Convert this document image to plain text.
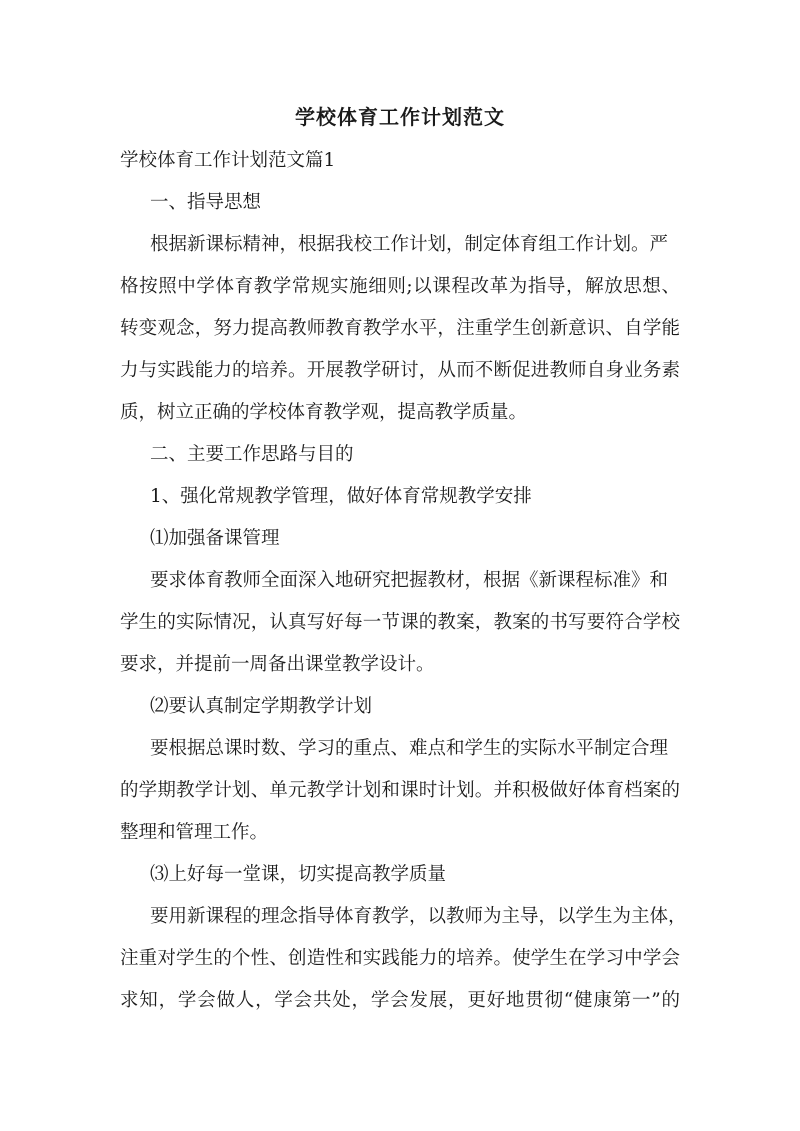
学校体育工作计划范文
学校体育工作计划范文篇1
一、指导思想
根据新课标精神，根据我校工作计划，制定体育组工作计划。严
格按照中学体育教学常规实施细则;以课程改革为指导，解放思想、
转变观念，努力提高教师教育教学水平，注重学生创新意识、自学能
力与实践能力的培养。开展教学研讨，从而不断促进教师自身业务素
质，树立正确的学校体育教学观，提高教学质量。
二、主要工作思路与目的
1、强化常规教学管理，做好体育常规教学安排
⑴加强备课管理
要求体育教师全面深入地研究把握教材，根据《新课程标准》和
学生的实际情况，认真写好每一节课的教案，教案的书写要符合学校
要求，并提前一周备出课堂教学设计。
⑵要认真制定学期教学计划
要根据总课时数、学习的重点、难点和学生的实际水平制定合理
的学期教学计划、单元教学计划和课时计划。并积极做好体育档案的
整理和管理工作。
⑶上好每一堂课，切实提高教学质量
要用新课程的理念指导体育教学，以教师为主导，以学生为主体，
注重对学生的个性、创造性和实践能力的培养。使学生在学习中学会
求知，学会做人，学会共处，学会发展，更好地贯彻“健康第一”的
